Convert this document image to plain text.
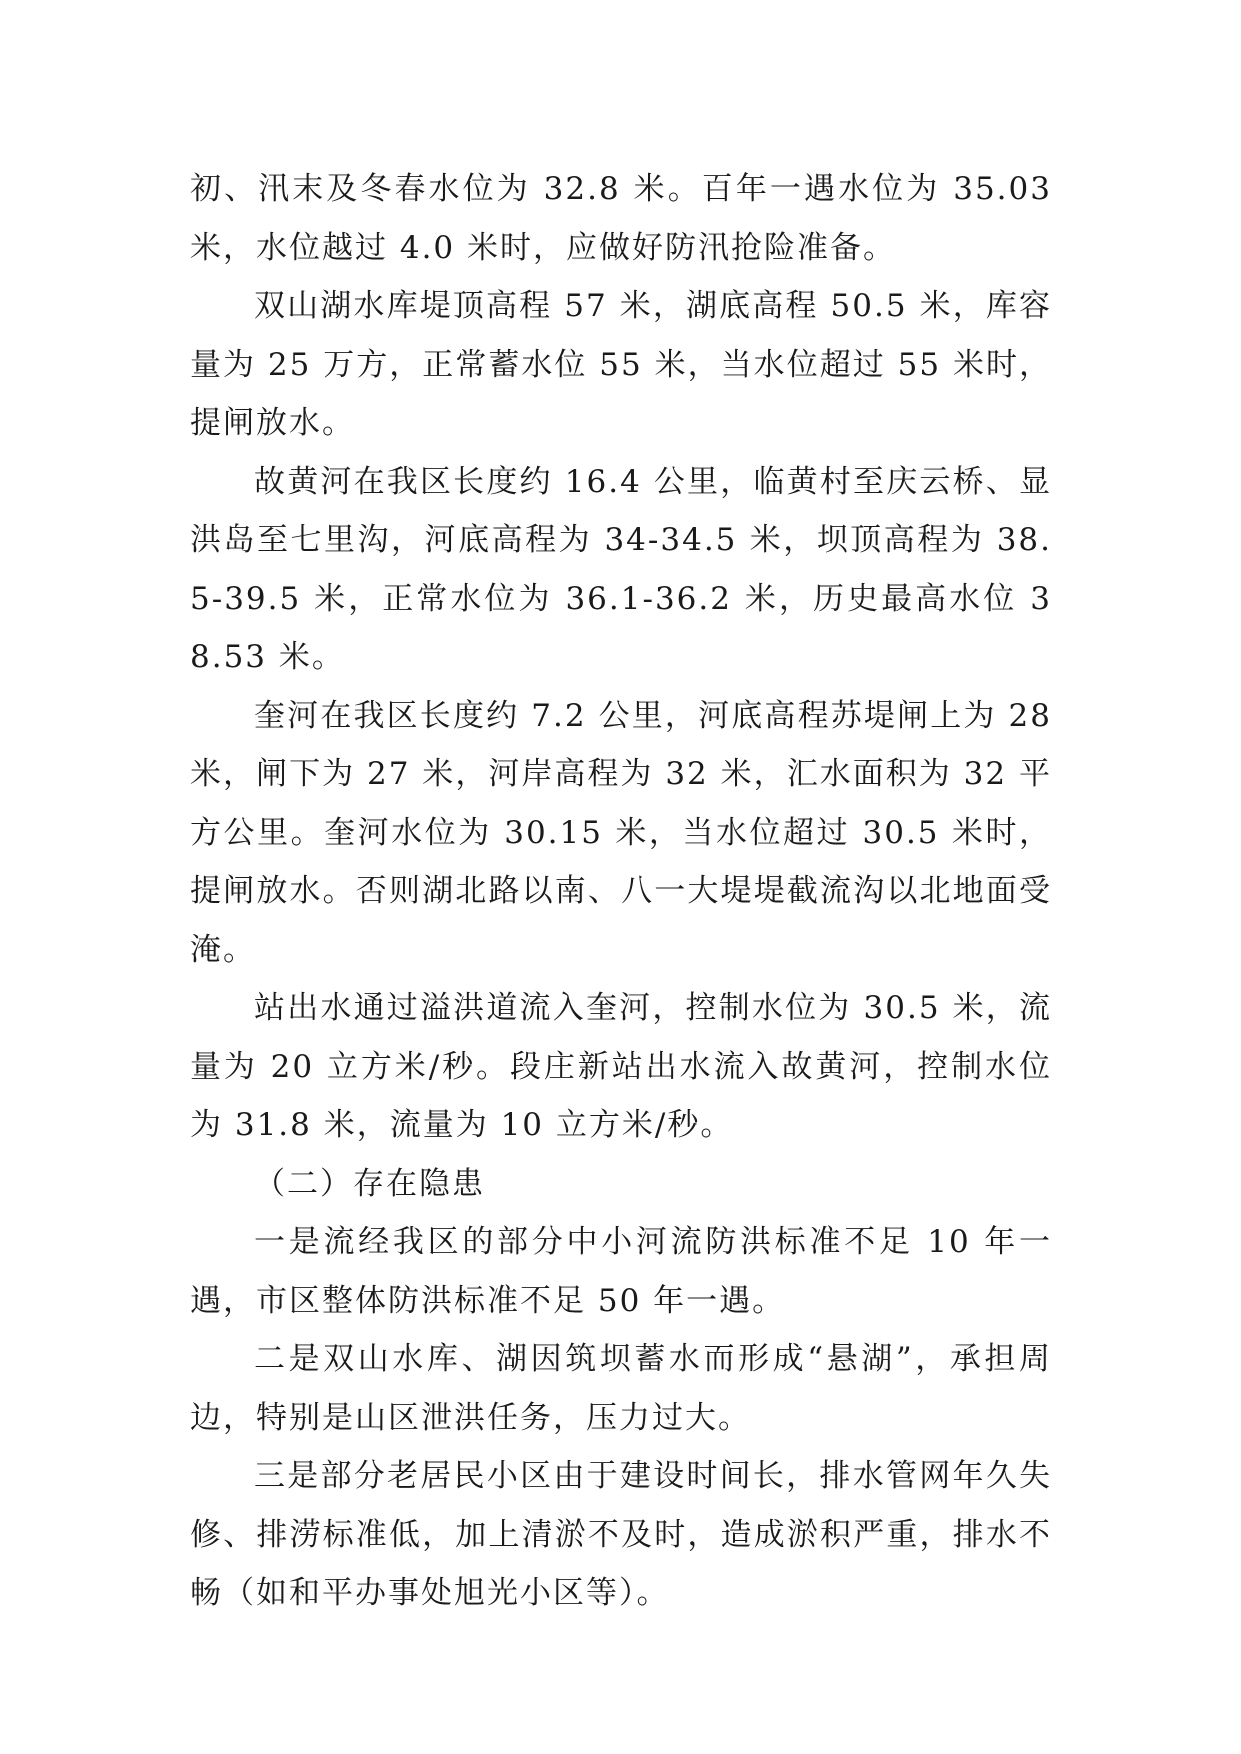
初、汛末及冬春水位为 32.8 米。百年一遇水位为 35.03 米，水位越过 4.0 米时，应做好防汛抢险准备。

双山湖水库堤顶高程 57 米，湖底高程 50.5 米，库容量为 25 万方，正常蓄水位 55 米，当水位超过 55 米时，提闸放水。

故黄河在我区长度约 16.4 公里，临黄村至庆云桥、显洪岛至七里沟，河底高程为 34-34.5 米，坝顶高程为 38.5-39.5 米，正常水位为 36.1-36.2 米，历史最高水位 38.53 米。

奎河在我区长度约 7.2 公里，河底高程苏堤闸上为 28 米，闸下为 27 米，河岸高程为 32 米，汇水面积为 32 平方公里。奎河水位为 30.15 米，当水位超过 30.5 米时，提闸放水。否则湖北路以南、八一大堤堤截流沟以北地面受淹。

站出水通过溢洪道流入奎河，控制水位为 30.5 米，流量为 20 立方米/秒。段庄新站出水流入故黄河，控制水位为 31.8 米，流量为 10 立方米/秒。

（二）存在隐患

一是流经我区的部分中小河流防洪标准不足 10 年一遇，市区整体防洪标准不足 50 年一遇。

二是双山水库、湖因筑坝蓄水而形成“悬湖”，承担周边，特别是山区泄洪任务，压力过大。

三是部分老居民小区由于建设时间长，排水管网年久失修、排涝标准低，加上清淤不及时，造成淤积严重，排水不畅（如和平办事处旭光小区等）。
